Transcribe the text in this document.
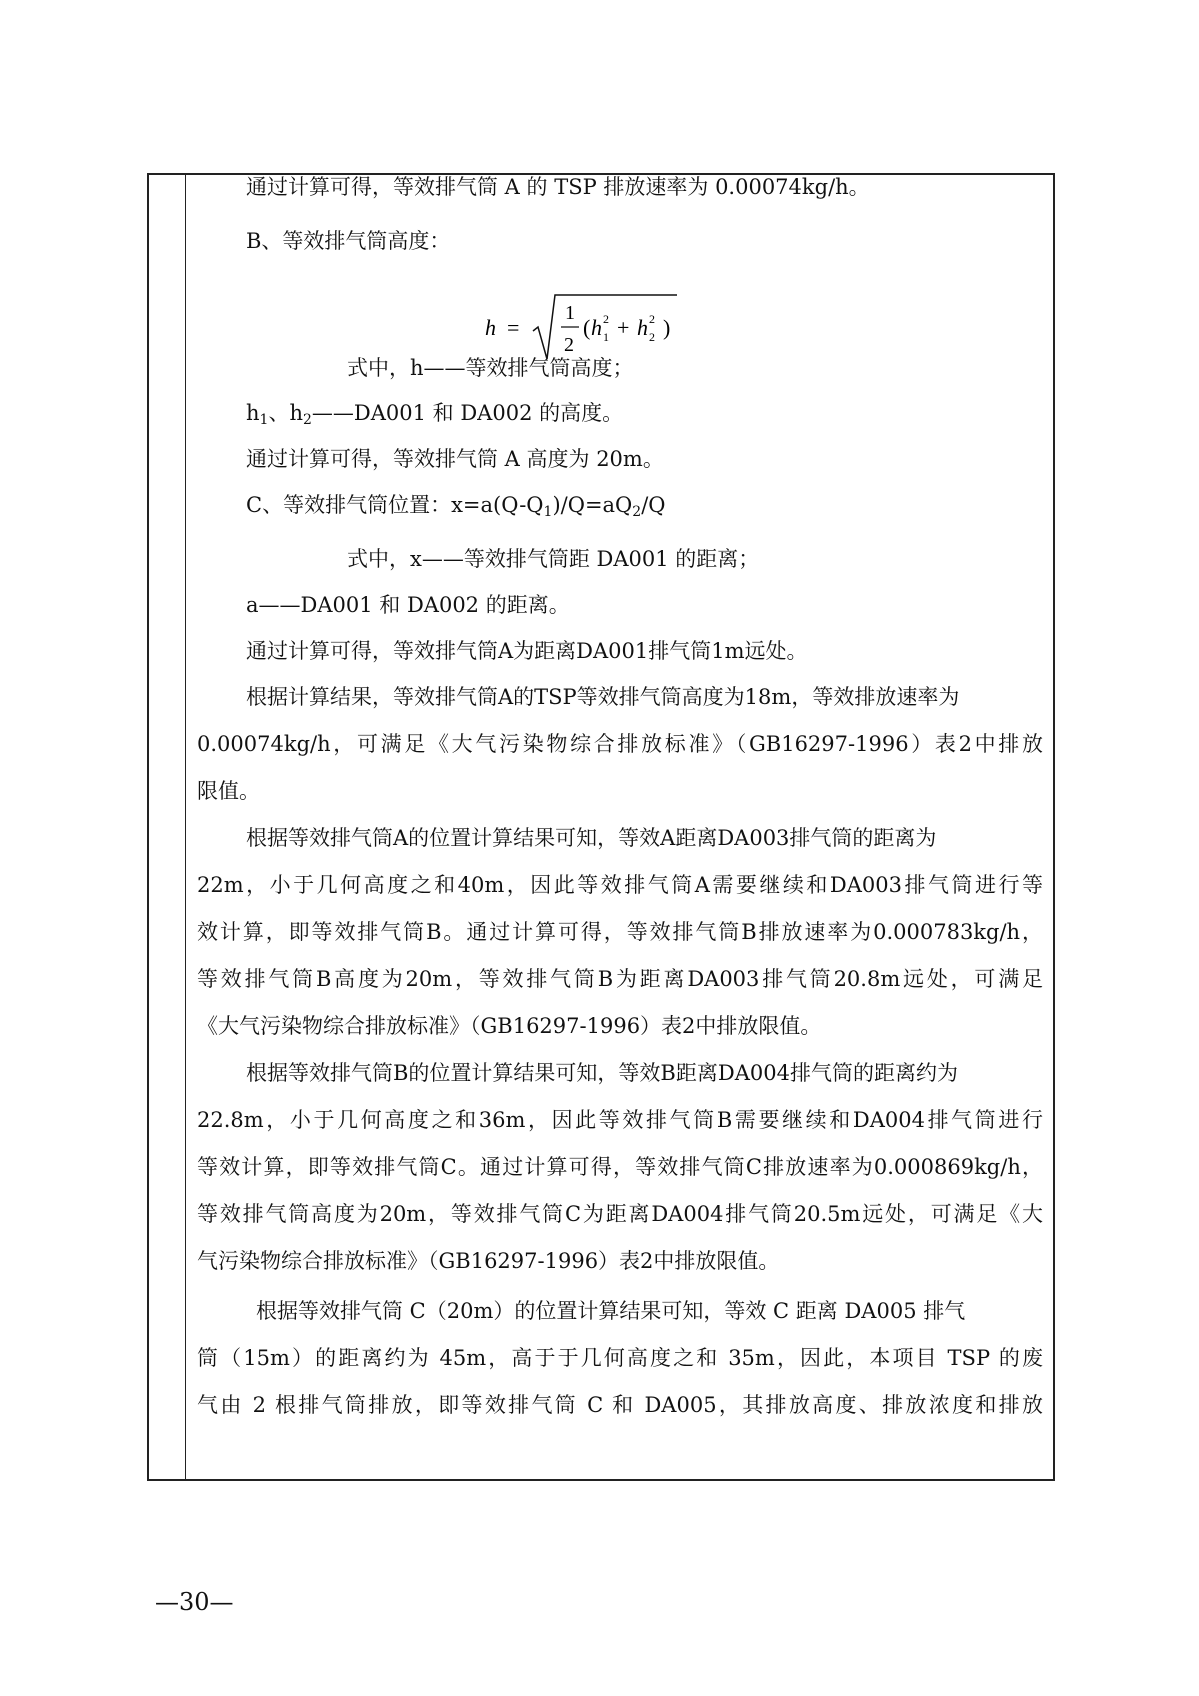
通过计算可得，等效排气筒 A 的 TSP 排放速率为 0.00074kg/h。
B、等效排气筒高度：
h =
1
2
( h 2
1 + h 2
2 )
式中，h——等效排气筒高度；
$h_1$、$h_2——DA001$ 和 DA002 的高度。
通过计算可得，等效排气筒 A 高度为 20m。
C、等效排气筒位置：$x=a(Q-Q_1)/Q=aQ_2/Q$
式中，x——等效排气筒距 DA001 的距离；
a——DA001 和 DA002 的距离。
通过计算可得，等效排气筒A为距离DA001排气筒1m远处。
根据计算结果，等效排气筒A的TSP等效排气筒高度为18m，等效排放速率为
0.00074kg/h，可满足《大气污染物综合排放标准》（GB16297-1996）表2中排放
限值。
根据等效排气筒A的位置计算结果可知，等效A距离DA003排气筒的距离为
22m，小于几何高度之和40m，因此等效排气筒A需要继续和DA003排气筒进行等
效计算，即等效排气筒B。通过计算可得，等效排气筒B排放速率为0.000783kg/h，
等效排气筒B高度为20m，等效排气筒B为距离DA003排气筒20.8m远处，可满足
《大气污染物综合排放标准》（GB16297-1996）表2中排放限值。
根据等效排气筒B的位置计算结果可知，等效B距离DA004排气筒的距离约为
22.8m，小于几何高度之和36m，因此等效排气筒B需要继续和DA004排气筒进行
等效计算，即等效排气筒C。通过计算可得，等效排气筒C排放速率为0.000869kg/h，
等效排气筒高度为20m，等效排气筒C为距离DA004排气筒20.5m远处，可满足《大
气污染物综合排放标准》（GB16297-1996）表2中排放限值。
根据等效排气筒 C（20m）的位置计算结果可知，等效 C 距离 DA005 排气
筒（15m）的距离约为 45m，高于于几何高度之和 35m，因此，本项目 TSP 的废
气由 2 根排气筒排放，即等效排气筒 C 和 DA005，其排放高度、排放浓度和排放
—30—
